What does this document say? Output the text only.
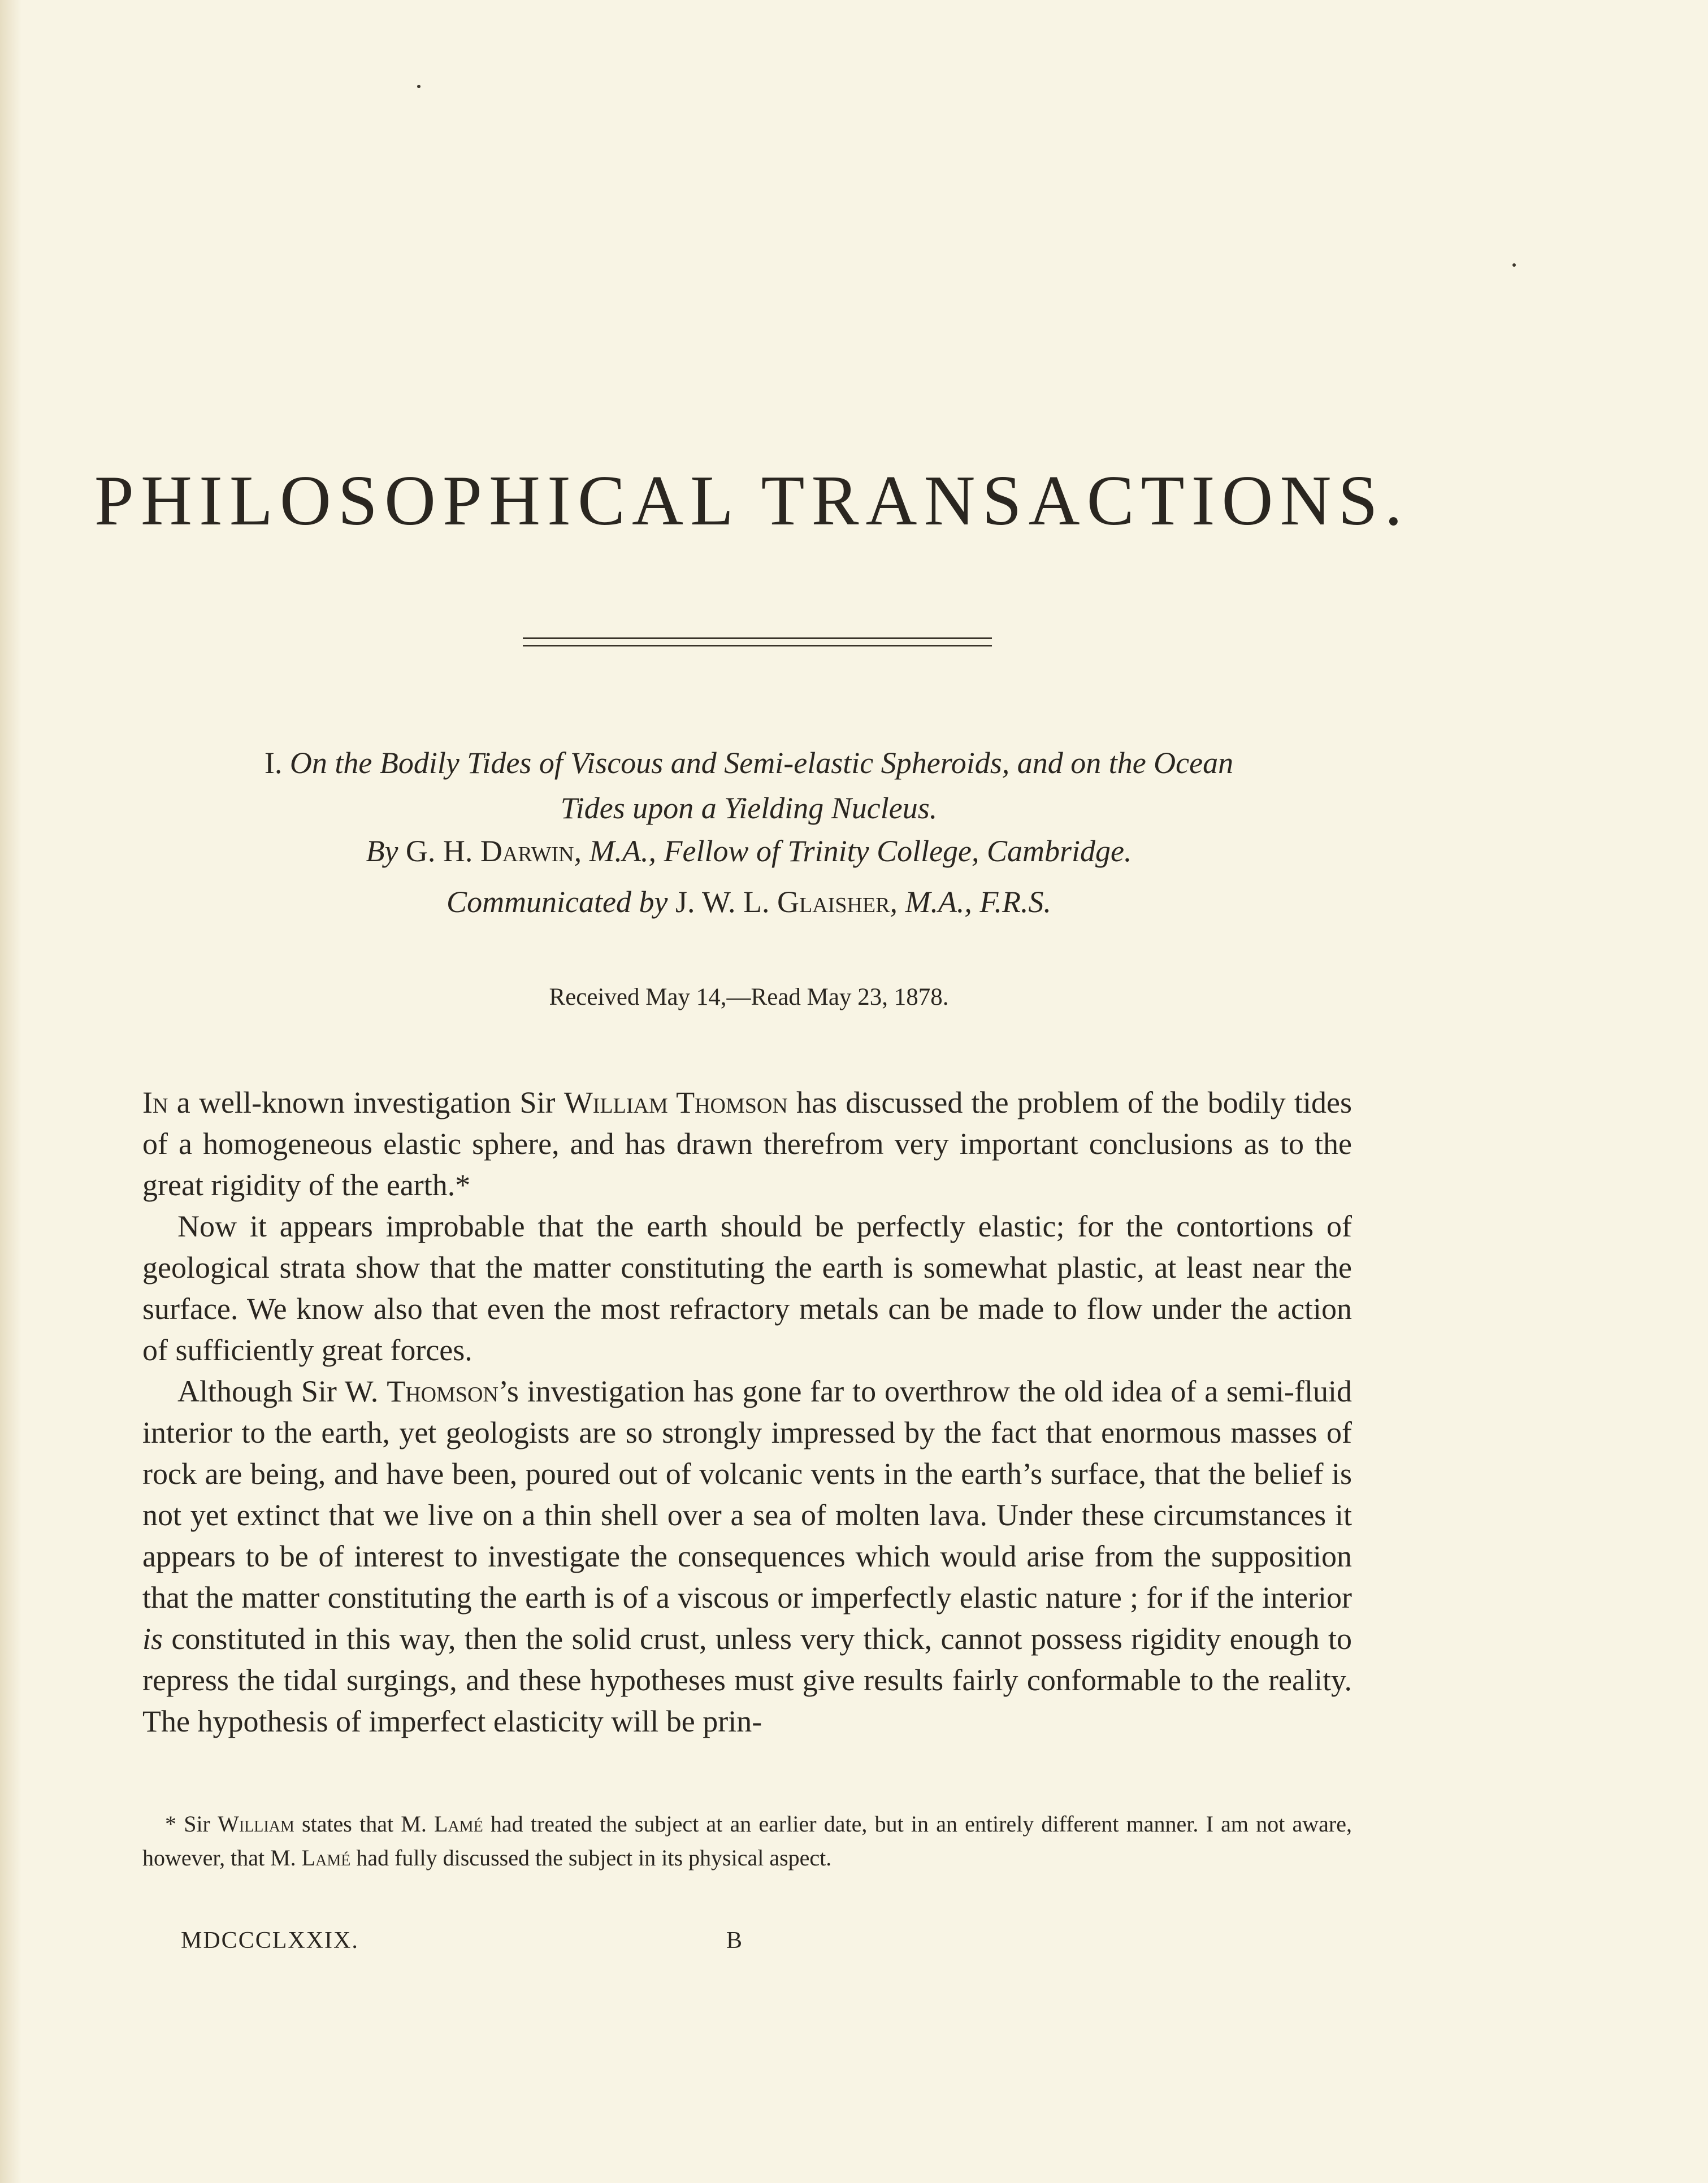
PHILOSOPHICAL TRANSACTIONS.
I. On the Bodily Tides of Viscous and Semi-elastic Spheroids, and on the Ocean
Tides upon a Yielding Nucleus.
By G. H. Darwin, M.A., Fellow of Trinity College, Cambridge.
Communicated by J. W. L. Glaisher, M.A., F.R.S.
Received May 14,—Read May 23, 1878.

In a well-known investigation Sir William Thomson has discussed the problem of the bodily tides of a homogeneous elastic sphere, and has drawn therefrom very important conclusions as to the great rigidity of the earth.*

Now it appears improbable that the earth should be perfectly elastic; for the contortions of geological strata show that the matter constituting the earth is somewhat plastic, at least near the surface. We know also that even the most refractory metals can be made to flow under the action of sufficiently great forces.

Although Sir W. Thomson’s investigation has gone far to overthrow the old idea of a semi-fluid interior to the earth, yet geologists are so strongly impressed by the fact that enormous masses of rock are being, and have been, poured out of volcanic vents in the earth’s surface, that the belief is not yet extinct that we live on a thin shell over a sea of molten lava. Under these circumstances it appears to be of interest to investigate the consequences which would arise from the supposition that the matter constituting the earth is of a viscous or imperfectly elastic nature ; for if the interior is constituted in this way, then the solid crust, unless very thick, cannot possess rigidity enough to repress the tidal surgings, and these hypotheses must give results fairly conformable to the reality. The hypothesis of imperfect elasticity will be prin-

* Sir William states that M. Lamé had treated the subject at an earlier date, but in an entirely different manner. I am not aware, however, that M. Lamé had fully discussed the subject in its physical aspect.

MDCCCLXXIX.	B
